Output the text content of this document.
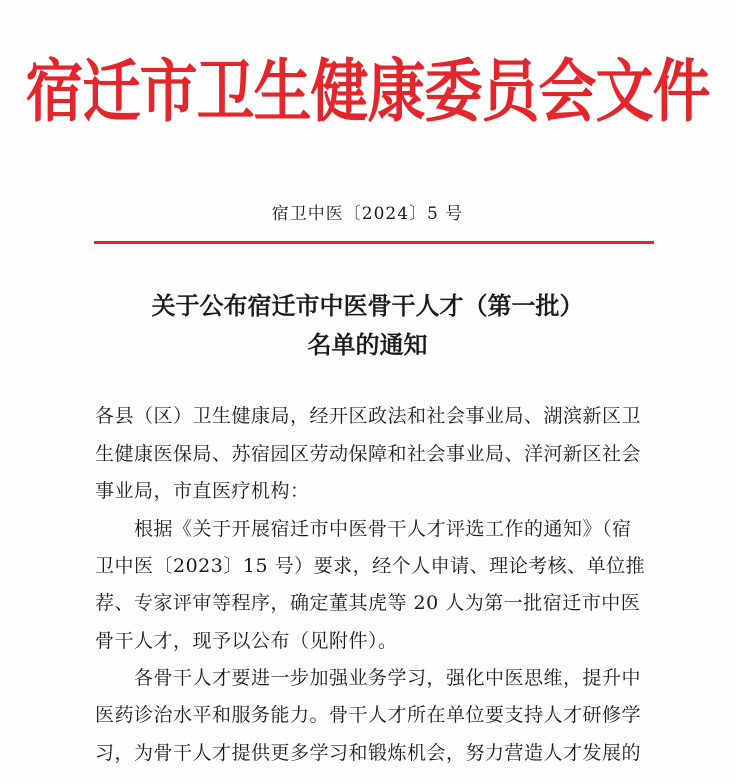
宿迁市卫生健康委员会文件
宿卫中医〔2024〕5 号
关于公布宿迁市中医骨干人才（第一批）
名单的通知
各县（区）卫生健康局，经开区政法和社会事业局、湖滨新区卫
生健康医保局、苏宿园区劳动保障和社会事业局、洋河新区社会
事业局，市直医疗机构：
根据《关于开展宿迁市中医骨干人才评选工作的通知》（宿
卫中医〔2023〕15 号）要求，经个人申请、理论考核、单位推
荐、专家评审等程序，确定董其虎等 20 人为第一批宿迁市中医
骨干人才，现予以公布（见附件）。
各骨干人才要进一步加强业务学习，强化中医思维，提升中
医药诊治水平和服务能力。骨干人才所在单位要支持人才研修学
习，为骨干人才提供更多学习和锻炼机会，努力营造人才发展的
